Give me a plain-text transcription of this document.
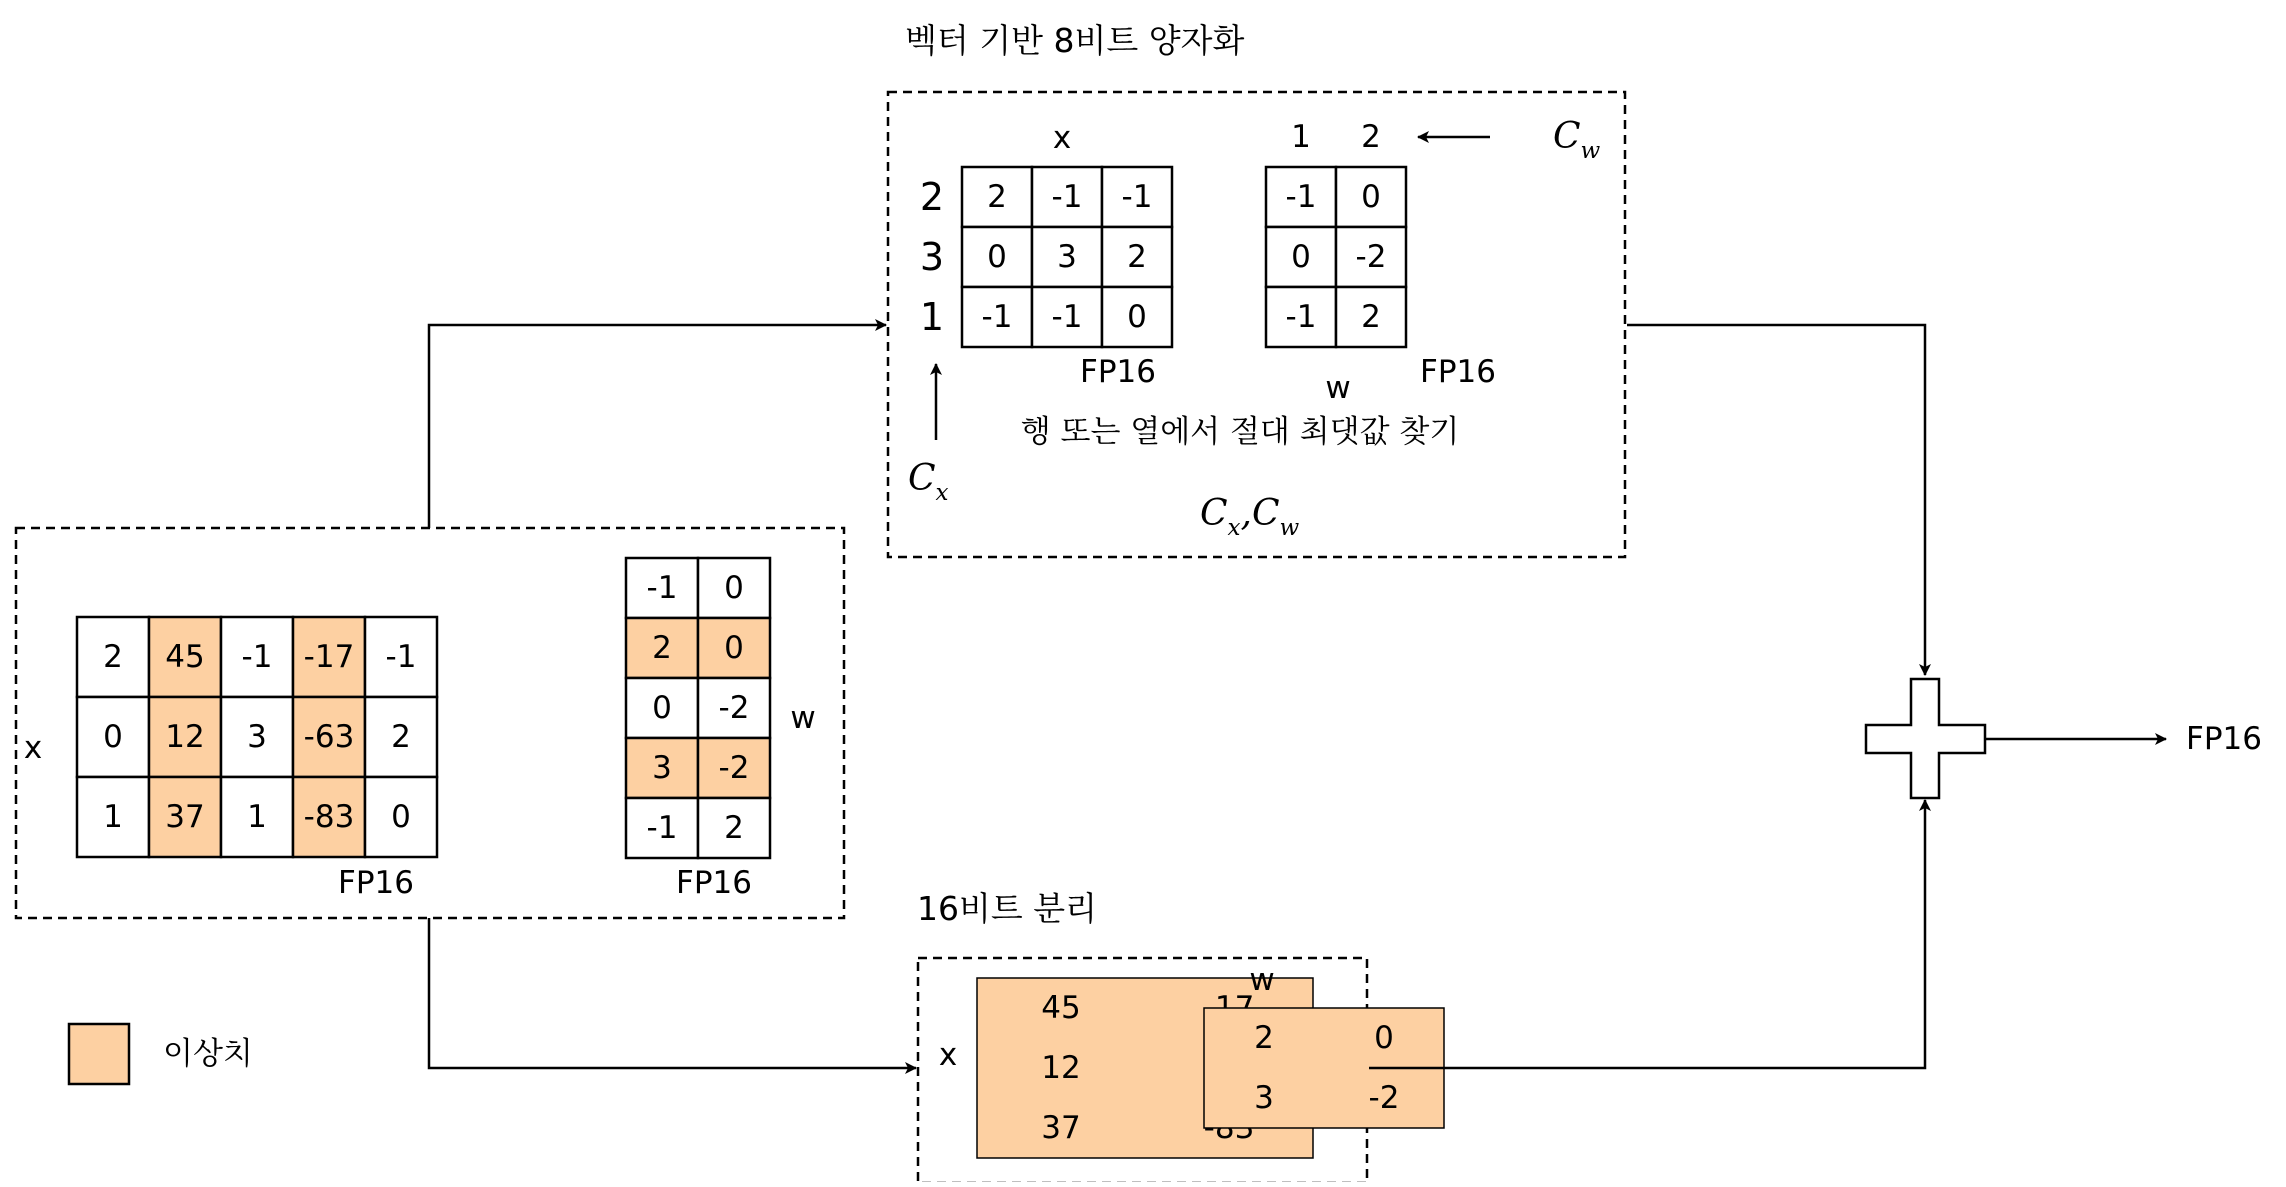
벡터 기반 8비트 양자화
x
2
3
1
2 -1 -1
0 3 2
-1 -1 0
FP16
1 2
-1 0
0 -2
-1 2
w FP16
$C_w$
$C_x$
행 또는 열에서 절대 최댓값 찾기
$C_x,C_w$
x
2 45 -1 -17 -1
0 12 3 -63 2
1 37 1 -83 0
FP16
-1 0
2 0
0 -2
3 -2
-1 2
w
FP16
16비트 분리
x
45
12
37
w
2	0
3	-2
FP16
이상치
